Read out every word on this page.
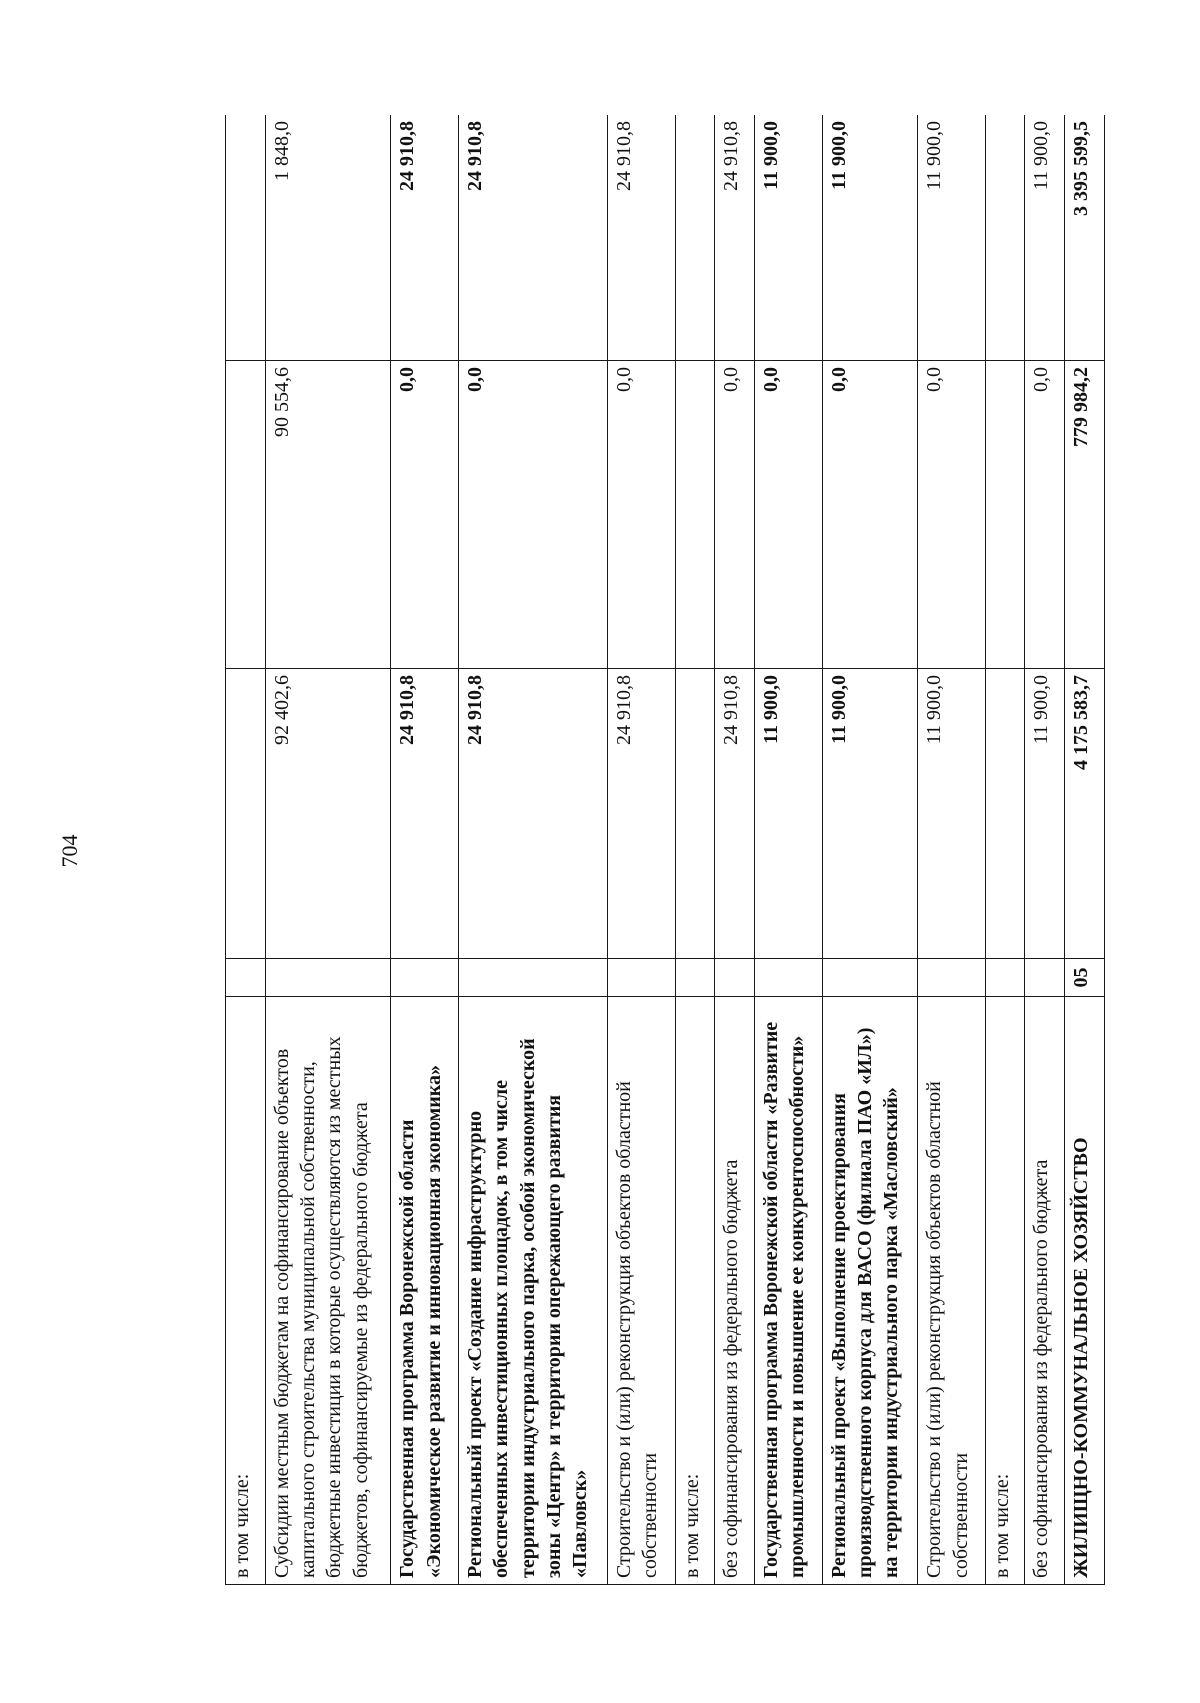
704
в том числе:				
Субсидии местным бюджетам на софинансирование объектов капитального строительства муниципальной собственности, бюджетные инвестиции в которые осуществляются из местных бюджетов, софинансируемые из федерального бюджета		92 402,6	90 554,6	1 848,0
Государственная программа Воронежской области «Экономическое развитие и инновационная экономика»		24 910,8	0,0	24 910,8
Региональный проект «Создание инфраструктурно обеспеченных инвестиционных площадок, в том числе территории индустриального парка, особой экономической зоны «Центр» и территории опережающего развития «Павловск»		24 910,8	0,0	24 910,8
Строительство и (или) реконструкция объектов областной собственности		24 910,8	0,0	24 910,8
в том числе:				
без софинансирования из федерального бюджета		24 910,8	0,0	24 910,8
Государственная программа Воронежской области «Развитие промышленности и повышение ее конкурентоспособности»		11 900,0	0,0	11 900,0
Региональный проект «Выполнение проектирования производственного корпуса для ВАСО (филиала ПАО «ИЛ») на территории индустриального парка «Масловский»		11 900,0	0,0	11 900,0
Строительство и (или) реконструкция объектов областной собственности		11 900,0	0,0	11 900,0
в том числе:				
без софинансирования из федерального бюджета		11 900,0	0,0	11 900,0
ЖИЛИЩНО-КОММУНАЛЬНОЕ ХОЗЯЙСТВО	05	4 175 583,7	779 984,2	3 395 599,5
